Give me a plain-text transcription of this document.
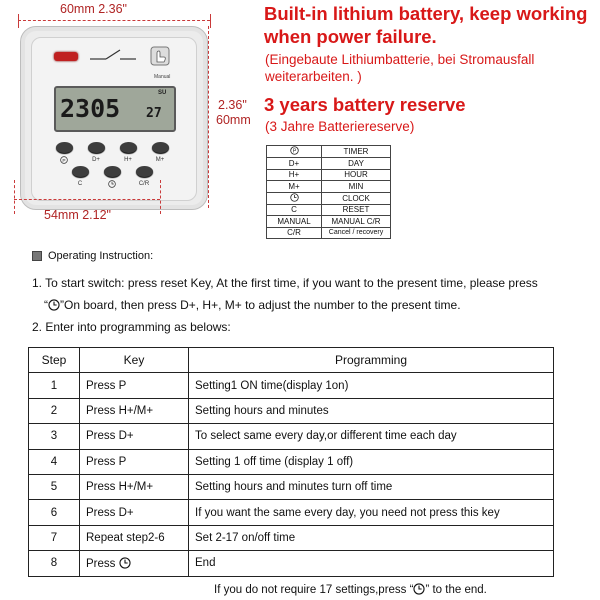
60mm 2.36"
2.36"
60mm
Manual
2305 27
SU
P	D+	H+	M+
C	C/R
54mm 2.12"
Built-in lithium battery, keep working
when power failure.
(Eingebaute Lithiumbatterie, bei Stromausfall
weiterarbeiten. )
3 years battery reserve
(3 Jahre Batteriereserve)
P	TIMER
D+	DAY
H+	HOUR
M+	MIN
	CLOCK
C	RESET
MANUAL	MANUAL C/R
C/R	Cancel / recovery
Operating Instruction:
1. To start switch: press reset Key, At the first time, if you want to the present time, please press
“ ”On board, then press D+, H+, M+ to adjust the number to the present time.
2. Enter into programming as belows:
Step	Key	Programming
1	Press P	Setting1 ON time(display 1on)
2	Press H+/M+	Setting hours and minutes
3	Press D+	To select same every day,or different time each day
4	Press P	Setting 1 off time (display 1 off)
5	Press H+/M+	Setting hours and minutes turn off time
6	Press D+	If you want the same every day, you need not press this key
7	Repeat step2-6	Set 2-17 on/off time
8	Press	End
If you do not require 17 settings,press “ ” to the end.
